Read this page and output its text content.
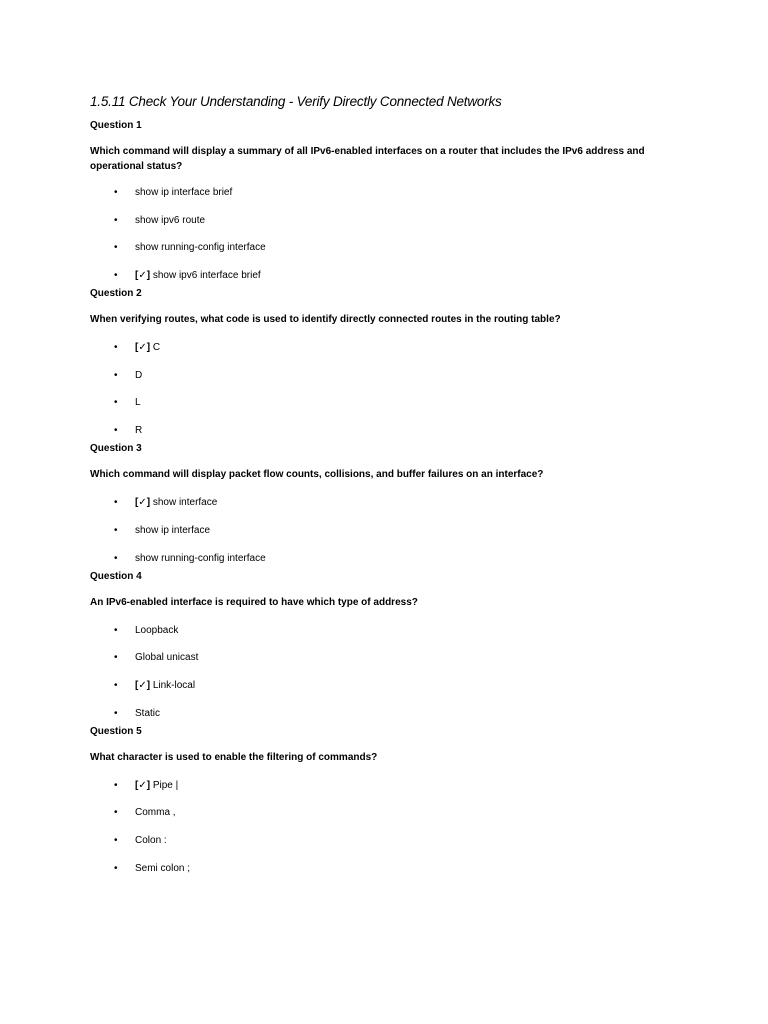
1.5.11 Check Your Understanding - Verify Directly Connected Networks

Question 1

Which command will display a summary of all IPv6-enabled interfaces on a router that includes the IPv6 address and operational status?

• show ip interface brief
• show ipv6 route
• show running-config interface
• [✓] show ipv6 interface brief

Question 2

When verifying routes, what code is used to identify directly connected routes in the routing table?

• [✓] C
• D
• L
• R

Question 3

Which command will display packet flow counts, collisions, and buffer failures on an interface?

• [✓] show interface
• show ip interface
• show running-config interface

Question 4

An IPv6-enabled interface is required to have which type of address?

• Loopback
• Global unicast
• [✓] Link-local
• Static

Question 5

What character is used to enable the filtering of commands?

• [✓] Pipe |
• Comma ,
• Colon :
• Semi colon ;
